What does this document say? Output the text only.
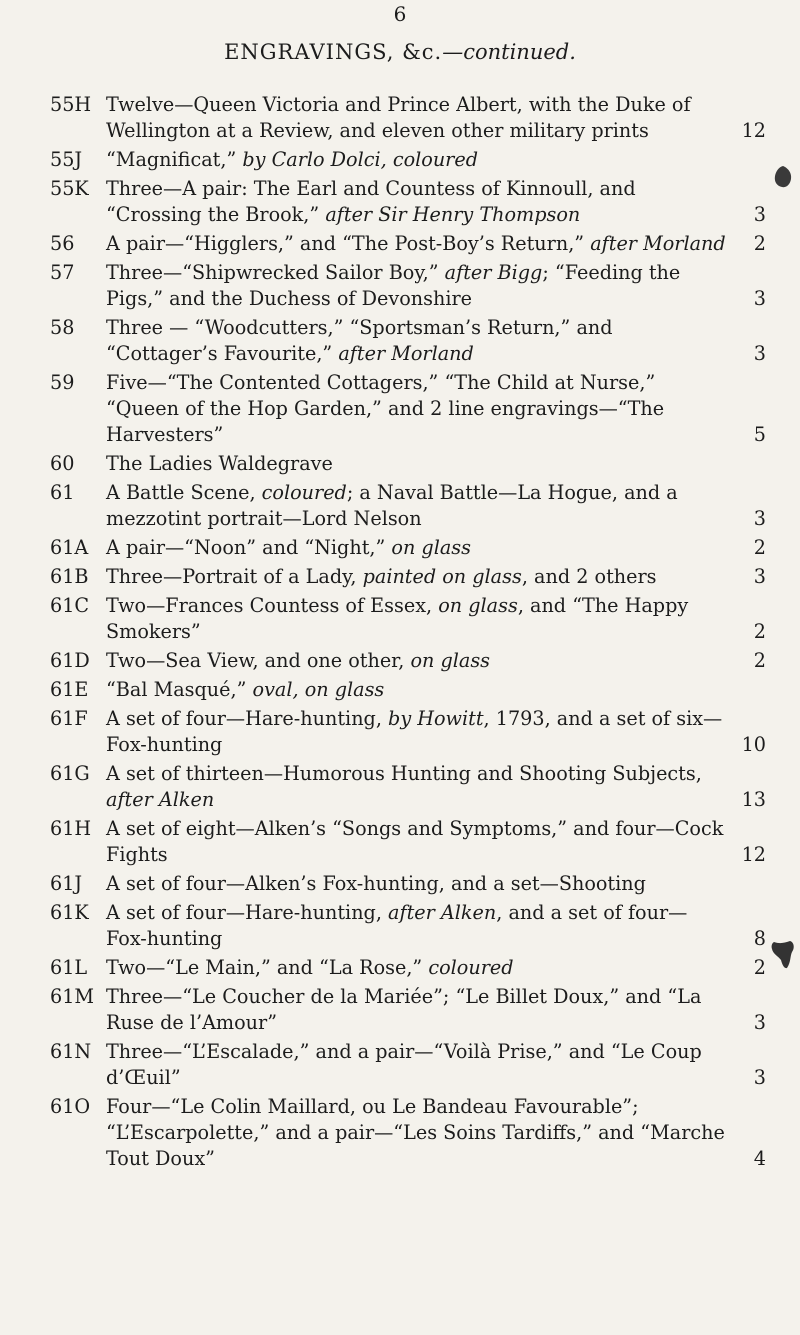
6
ENGRAVINGS, &c.—continued.
55H Twelve—Queen Victoria and Prince Albert, with the Duke of Wellington at a Review, and eleven other military prints	12
55J	“Magnificat,” by Carlo Dolci, coloured
55K Three—A pair: The Earl and Countess of Kinnoull, and “Crossing the Brook,” after Sir Henry Thompson	3
56	A pair—“Higglers,” and “The Post-Boy’s Return,” after Morland	2
57	Three—“Shipwrecked Sailor Boy,” after Bigg; “Feeding the Pigs,” and the Duchess of Devonshire	3
58	Three — “Woodcutters,” “Sportsman’s Return,” and “Cottager’s Favourite,” after Morland	3
59	Five—“The Contented Cottagers,” “The Child at Nurse,” “Queen of the Hop Garden,” and 2 line engravings—“The Harvesters”	5
60	The Ladies Waldegrave
61	A Battle Scene, coloured; a Naval Battle—La Hogue, and a mezzotint portrait—Lord Nelson	3
61A A pair—“Noon” and “Night,” on glass	2
61B Three—Portrait of a Lady, painted on glass, and 2 others	3
61C Two—Frances Countess of Essex, on glass, and “The Happy Smokers”	2
61D Two—Sea View, and one other, on glass	2
61E “Bal Masqué,” oval, on glass
61F A set of four—Hare-hunting, by Howitt, 1793, and a set of six—Fox-hunting	10
61G A set of thirteen—Humorous Hunting and Shooting Subjects, after Alken	13
61H A set of eight—Alken’s “Songs and Symptoms,” and four—Cock Fights	12
61J	A set of four—Alken’s Fox-hunting, and a set—Shooting
61K A set of four—Hare-hunting, after Alken, and a set of four—Fox-hunting	8
61L Two—“Le Main,” and “La Rose,” coloured	2
61M Three—“Le Coucher de la Mariée”; “Le Billet Doux,” and “La Ruse de l’Amour”	3
61N Three—“L’Escalade,” and a pair—“Voilà Prise,” and “Le Coup d’Œuil”	3
61O Four—“Le Colin Maillard, ou Le Bandeau Favourable”; “L’Escarpolette,” and a pair—“Les Soins Tardiffs,” and “Marche Tout Doux”	4
